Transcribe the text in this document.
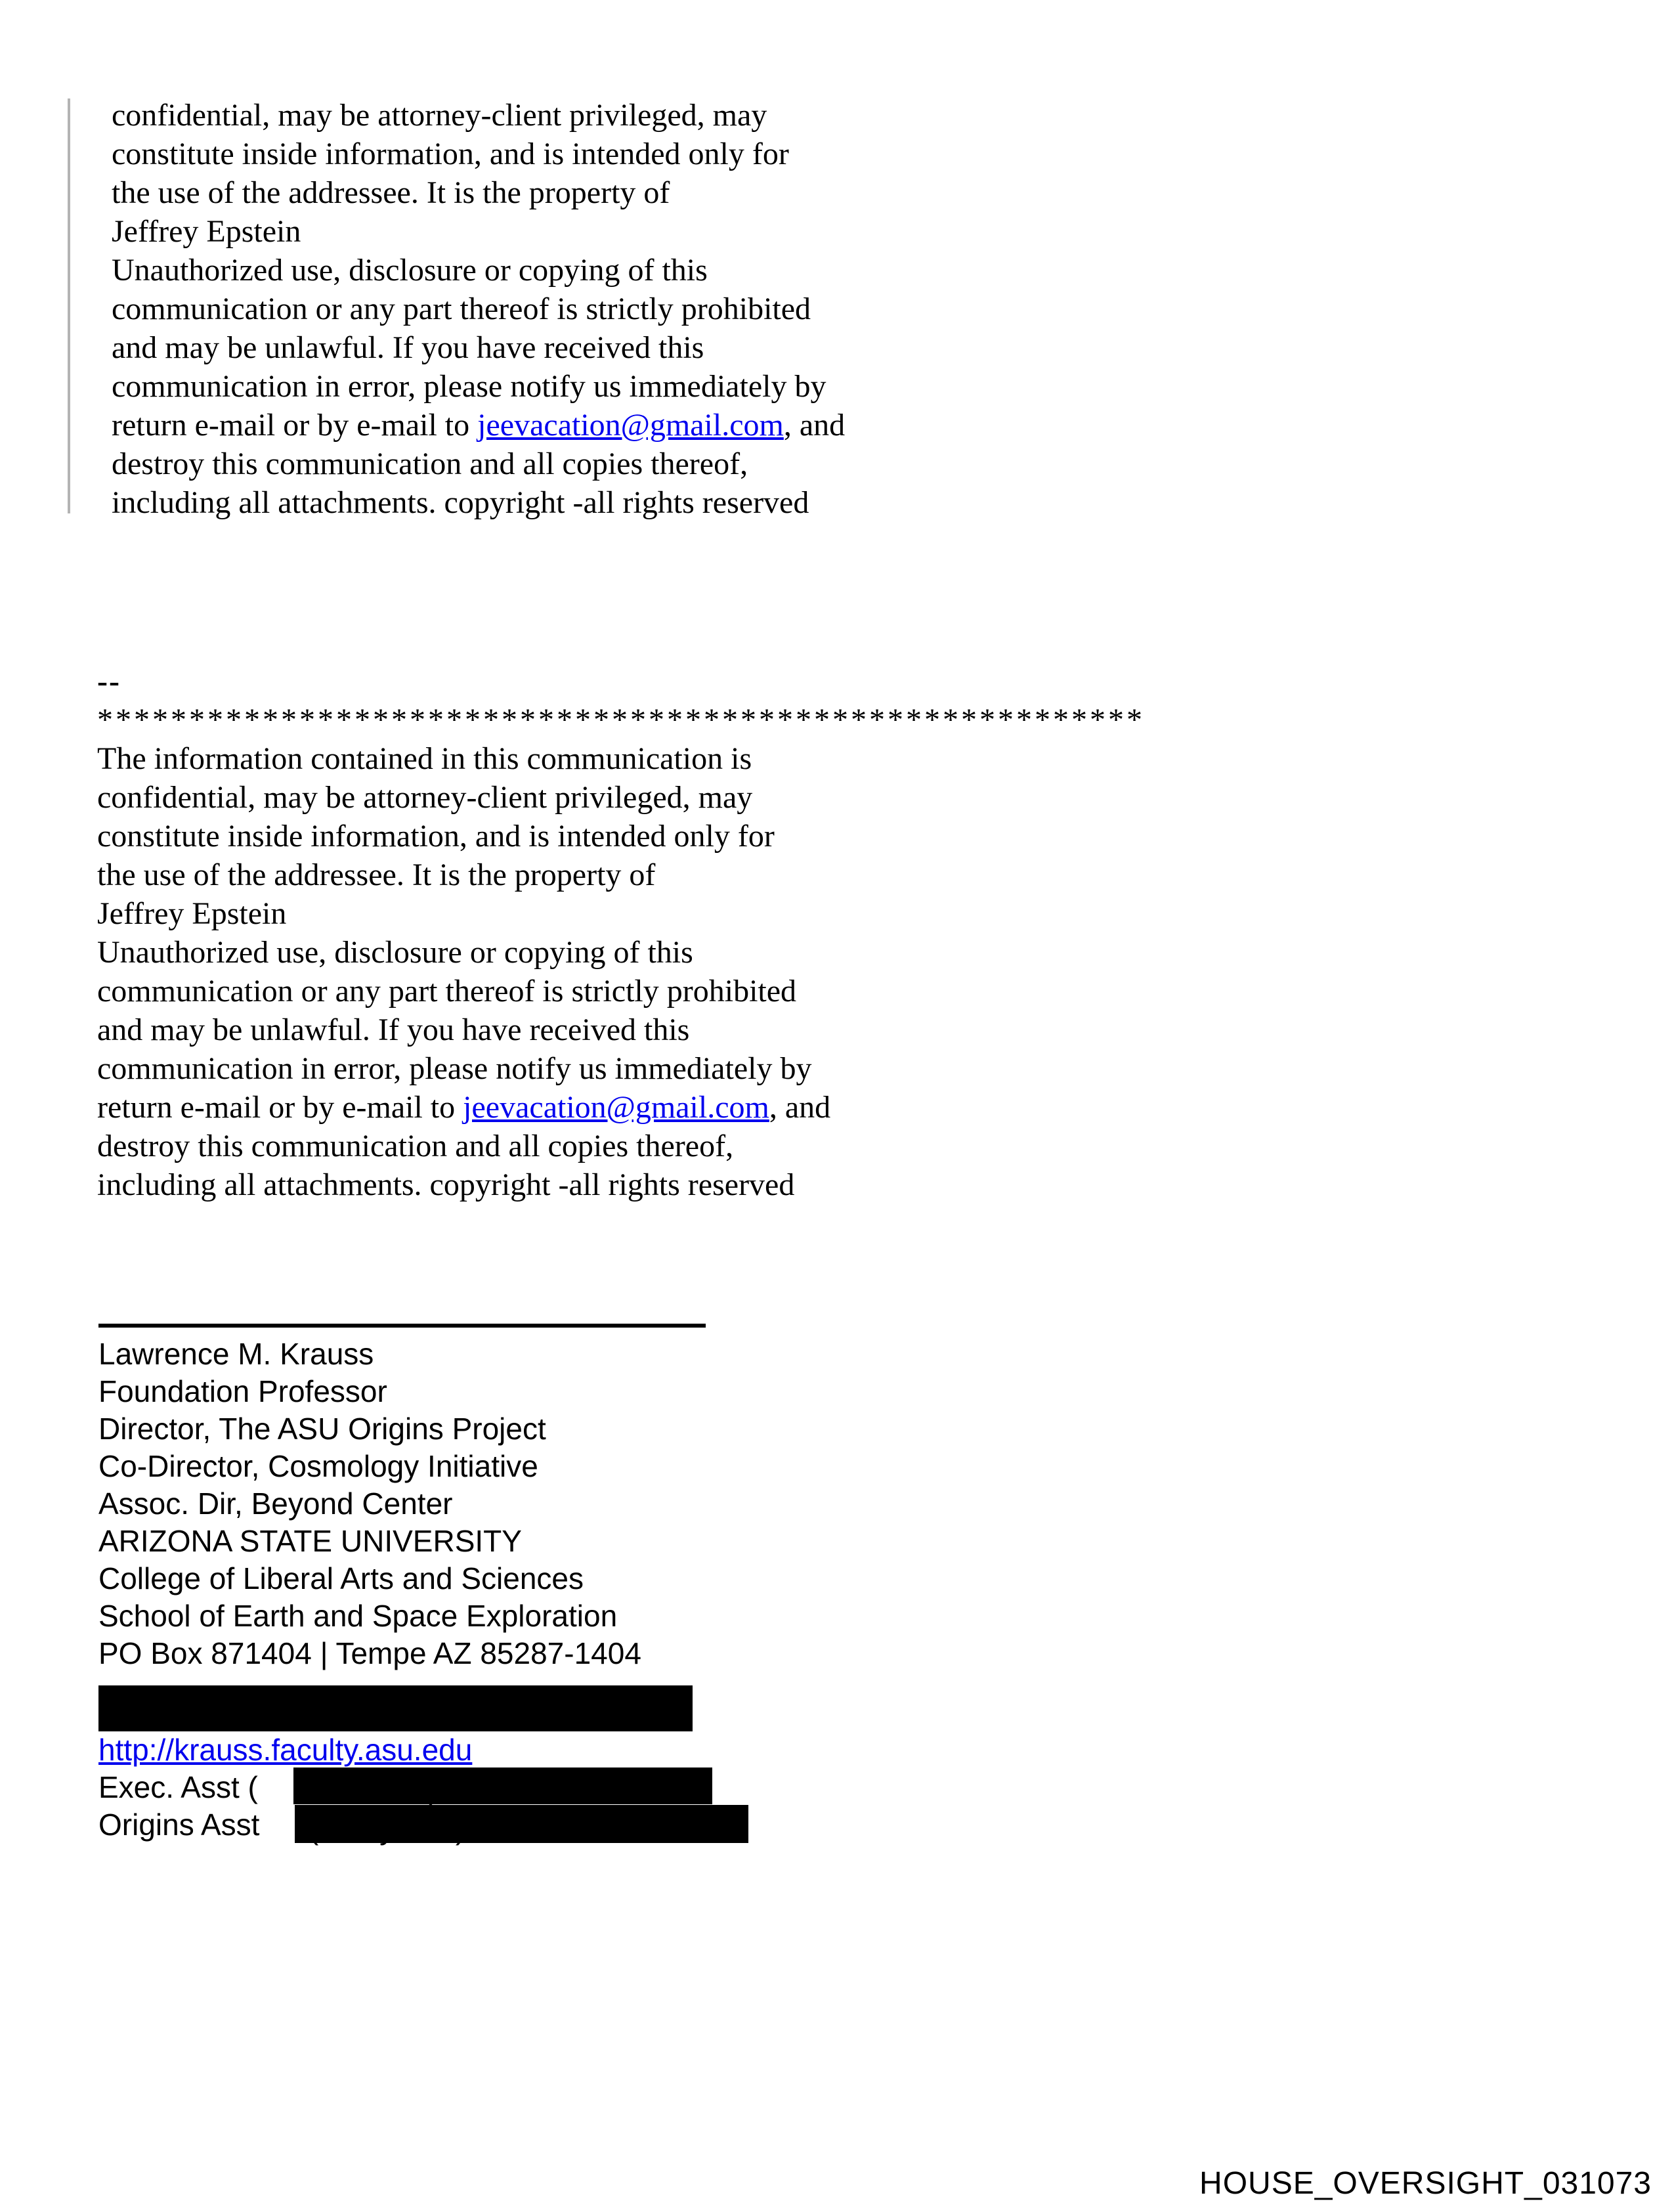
confidential, may be attorney-client privileged, may
constitute inside information, and is intended only for
the use of the addressee. It is the property of
Jeffrey Epstein
Unauthorized use, disclosure or copying of this
communication or any part thereof is strictly prohibited
and may be unlawful. If you have received this
communication in error, please notify us immediately by
return e-mail or by e-mail to jeevacation@gmail.com, and
destroy this communication and all copies thereof,
including all attachments. copyright -all rights reserved
--
*********************************************************
The information contained in this communication is
confidential, may be attorney-client privileged, may
constitute inside information, and is intended only for
the use of the addressee. It is the property of
Jeffrey Epstein
Unauthorized use, disclosure or copying of this
communication or any part thereof is strictly prohibited
and may be unlawful. If you have received this
communication in error, please notify us immediately by
return e-mail or by e-mail to jeevacation@gmail.com, and
destroy this communication and all copies thereof,
including all attachments. copyright -all rights reserved
Lawrence M. Krauss
Foundation Professor
Director, The ASU Origins Project
Co-Director, Cosmology Initiative
Assoc. Dir, Beyond Center
ARIZONA STATE UNIVERSITY
College of Liberal Arts and Sciences
School of Earth and Space Exploration
PO Box 871404 | Tempe AZ 85287-1404
http://krauss.faculty.asu.edu
Exec. Asst (
Origins Asst
HOUSE_OVERSIGHT_031073
